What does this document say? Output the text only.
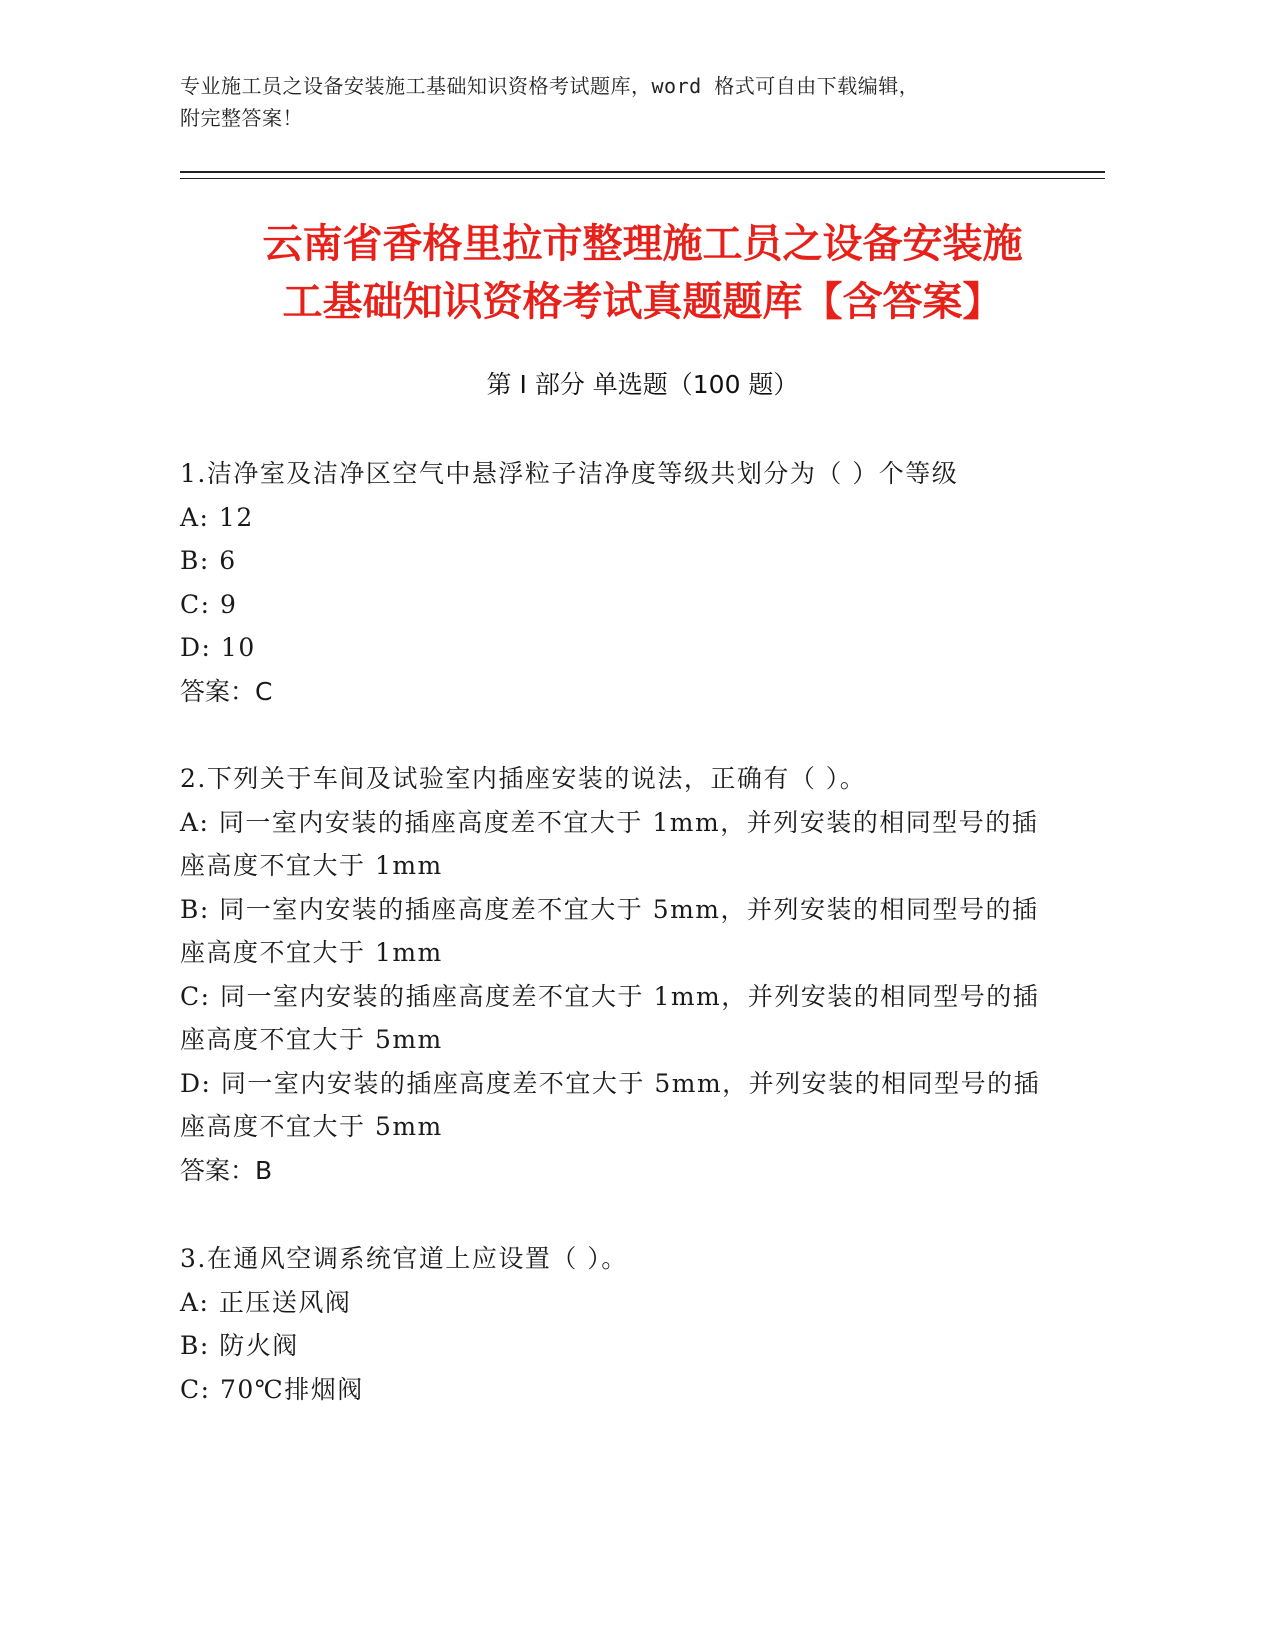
专业施工员之设备安装施工基础知识资格考试题库，word 格式可自由下载编辑，
附完整答案！
云南省香格里拉市整理施工员之设备安装施
工基础知识资格考试真题题库【含答案】
第 I 部分 单选题（100 题）
1.洁净室及洁净区空气中悬浮粒子洁净度等级共划分为（ ）个等级
A: 12
B: 6
C: 9
D: 10
答案：C
2.下列关于车间及试验室内插座安装的说法，正确有（ ）。
A: 同一室内安装的插座高度差不宜大于 1mm，并列安装的相同型号的插座高度不宜大于 1mm
B: 同一室内安装的插座高度差不宜大于 5mm，并列安装的相同型号的插座高度不宜大于 1mm
C: 同一室内安装的插座高度差不宜大于 1mm，并列安装的相同型号的插座高度不宜大于 5mm
D: 同一室内安装的插座高度差不宜大于 5mm，并列安装的相同型号的插座高度不宜大于 5mm
答案：B
3.在通风空调系统官道上应设置（ ）。
A: 正压送风阀
B: 防火阀
C: 70℃排烟阀
